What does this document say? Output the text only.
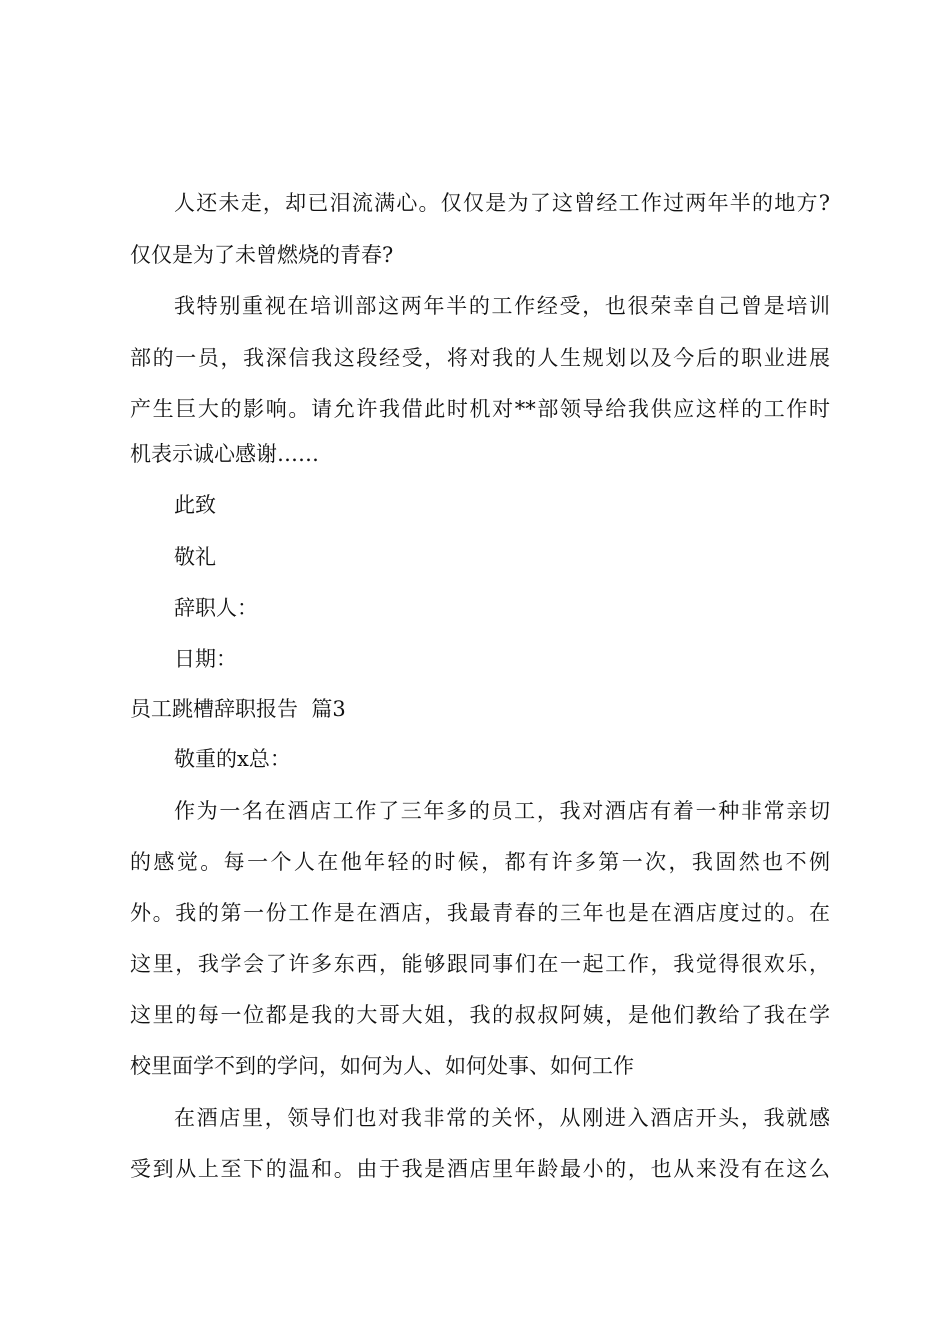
人还未走，却已泪流满心。仅仅是为了这曾经工作过两年半的地方?
仅仅是为了未曾燃烧的青春?
我特别重视在培训部这两年半的工作经受，也很荣幸自己曾是培训
部的一员，我深信我这段经受，将对我的人生规划以及今后的职业进展
产生巨大的影响。请允许我借此时机对**部领导给我供应这样的工作时
机表示诚心感谢……
此致
敬礼
辞职人：
日期：
员工跳槽辞职报告  篇3
敬重的x总：
作为一名在酒店工作了三年多的员工，我对酒店有着一种非常亲切
的感觉。每一个人在他年轻的时候，都有许多第一次，我固然也不例
外。我的第一份工作是在酒店，我最青春的三年也是在酒店度过的。在
这里，我学会了许多东西，能够跟同事们在一起工作，我觉得很欢乐，
这里的每一位都是我的大哥大姐，我的叔叔阿姨，是他们教给了我在学
校里面学不到的学问，如何为人、如何处事、如何工作
在酒店里，领导们也对我非常的关怀，从刚进入酒店开头，我就感
受到从上至下的温和。由于我是酒店里年龄最小的，也从来没有在这么
